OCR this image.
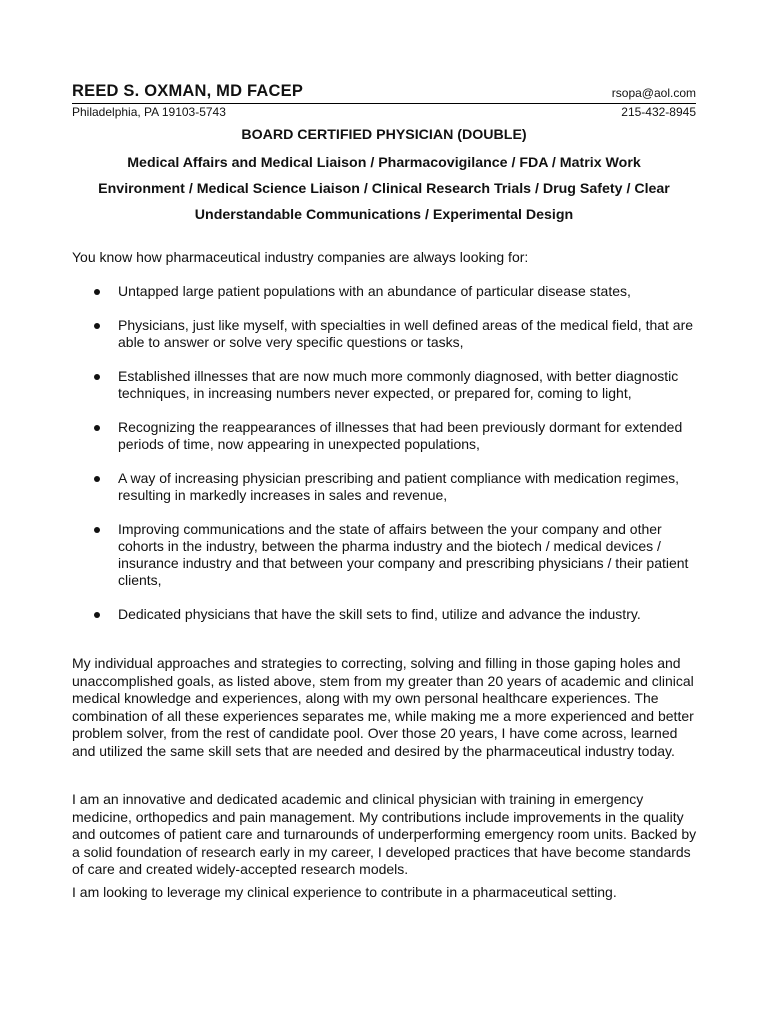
REED S. OXMAN, MD FACEP	rsopa@aol.com
Philadelphia, PA 19103-5743	215-432-8945
BOARD CERTIFIED PHYSICIAN (DOUBLE)
Medical Affairs and Medical Liaison / Pharmacovigilance / FDA / Matrix Work
Environment / Medical Science Liaison / Clinical Research Trials / Drug Safety / Clear
Understandable Communications / Experimental Design
You know how pharmaceutical industry companies are always looking for:
Untapped large patient populations with an abundance of particular disease states,
Physicians, just like myself, with specialties in well defined areas of the medical field, that are able to answer or solve very specific questions or tasks,
Established illnesses that are now much more commonly diagnosed, with better diagnostic techniques, in increasing numbers never expected, or prepared for, coming to light,
Recognizing the reappearances of illnesses that had been previously dormant for extended periods of time, now appearing in unexpected populations,
A way of increasing physician prescribing and patient compliance with medication regimes, resulting in markedly increases in sales and revenue,
Improving communications and the state of affairs between the your company and other cohorts in the industry, between the pharma industry and the biotech / medical devices / insurance industry and that between your company and prescribing physicians / their patient clients,
Dedicated physicians that have the skill sets to find, utilize and advance the industry.

My individual approaches and strategies to correcting, solving and filling in those gaping holes and unaccomplished goals, as listed above, stem from my greater than 20 years of academic and clinical medical knowledge and experiences, along with my own personal healthcare experiences. The combination of all these experiences separates me, while making me a more experienced and better problem solver, from the rest of candidate pool. Over those 20 years, I have come across, learned and utilized the same skill sets that are needed and desired by the pharmaceutical industry today.

I am an innovative and dedicated academic and clinical physician with training in emergency medicine, orthopedics and pain management. My contributions include improvements in the quality and outcomes of patient care and turnarounds of underperforming emergency room units. Backed by a solid foundation of research early in my career, I developed practices that have become standards of care and created widely-accepted research models.

I am looking to leverage my clinical experience to contribute in a pharmaceutical setting.
